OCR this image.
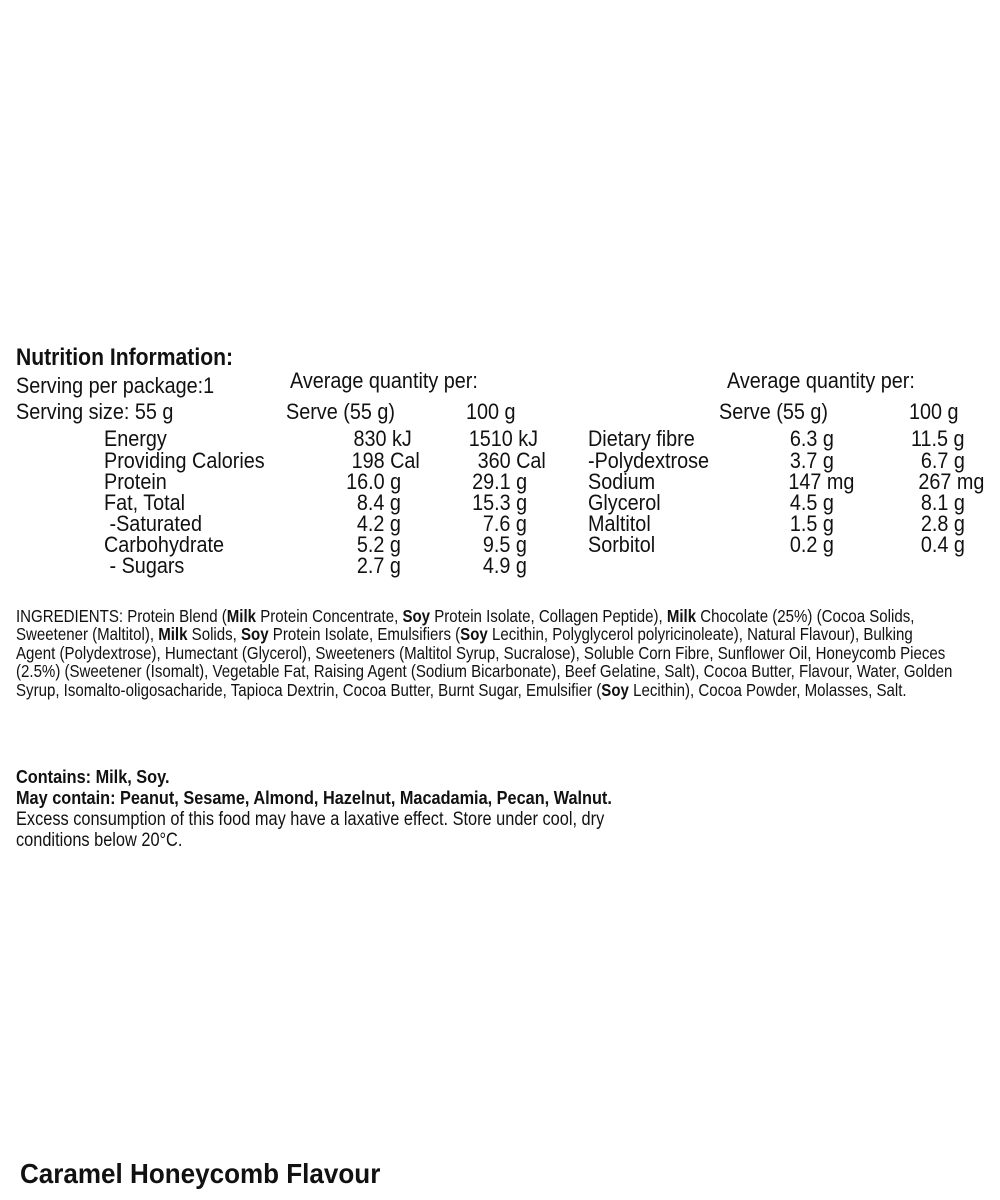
Nutrition Information:
Serving per package:1
Serving size: 55 g
Average quantity per:	Average quantity per:
Serve (55 g)	100 g	Serve (55 g)	100 g
Energy	830 kJ	1510 kJ
Providing Calories	198 Cal	360 Cal
Protein	16.0 g	29.1 g
Fat, Total	8.4 g	15.3 g
-Saturated	4.2 g	7.6 g
Carbohydrate	5.2 g	9.5 g
- Sugars	2.7 g	4.9 g
Dietary fibre	6.3 g	11.5 g
-Polydextrose	3.7 g	6.7 g
Sodium	147 mg	267 mg
Glycerol	4.5 g	8.1 g
Maltitol	1.5 g	2.8 g
Sorbitol	0.2 g	0.4 g
INGREDIENTS: Protein Blend (Milk Protein Concentrate, Soy Protein Isolate, Collagen Peptide), Milk Chocolate (25%) (Cocoa Solids, Sweetener (Maltitol), Milk Solids, Soy Protein Isolate, Emulsifiers (Soy Lecithin, Polyglycerol polyricinoleate), Natural Flavour), Bulking Agent (Polydextrose), Humectant (Glycerol), Sweeteners (Maltitol Syrup, Sucralose), Soluble Corn Fibre, Sunflower Oil, Honeycomb Pieces (2.5%) (Sweetener (Isomalt), Vegetable Fat, Raising Agent (Sodium Bicarbonate), Beef Gelatine, Salt), Cocoa Butter, Flavour, Water, Golden Syrup, Isomalto-oligosacharide, Tapioca Dextrin, Cocoa Butter, Burnt Sugar, Emulsifier (Soy Lecithin), Cocoa Powder, Molasses, Salt.
Contains: Milk, Soy.
May contain: Peanut, Sesame, Almond, Hazelnut, Macadamia, Pecan, Walnut.
Excess consumption of this food may have a laxative effect. Store under cool, dry conditions below 20°C.
Caramel Honeycomb Flavour
